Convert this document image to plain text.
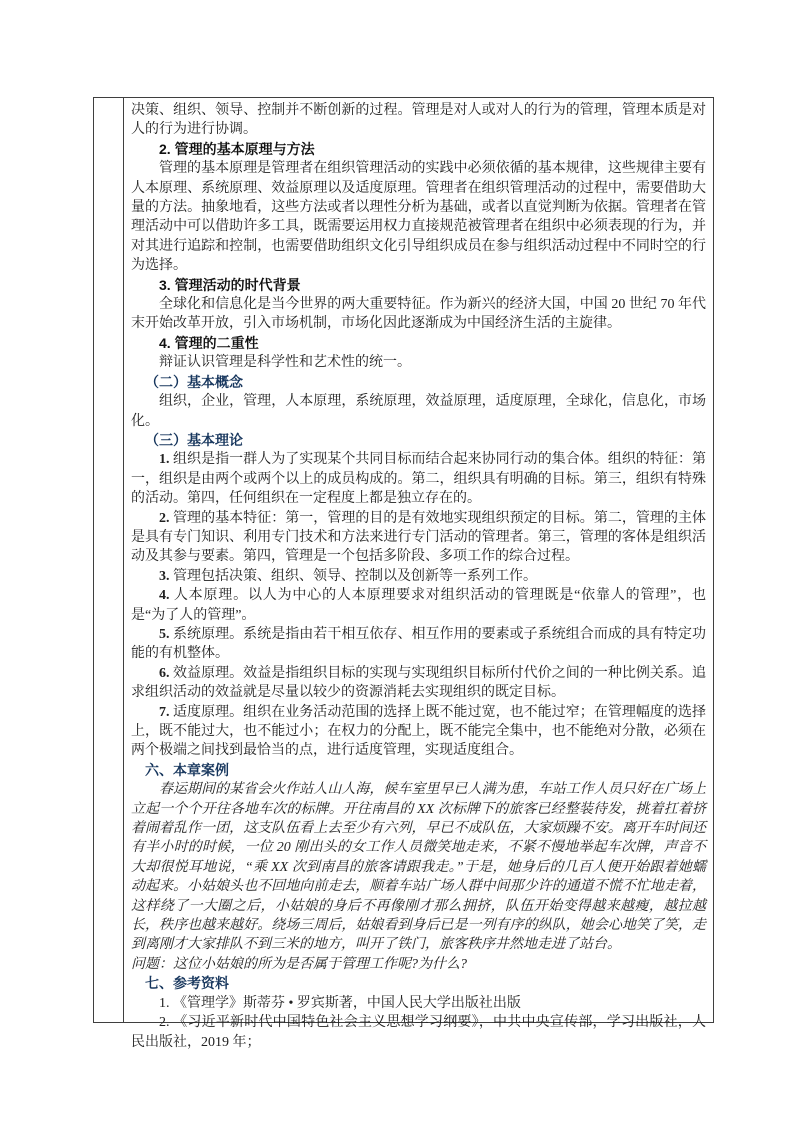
决策、组织、领导、控制并不断创新的过程。管理是对人或对人的行为的管理，管理本质是对人的行为进行协调。

2. 管理的基本原理与方法

管理的基本原理是管理者在组织管理活动的实践中必须依循的基本规律，这些规律主要有人本原理、系统原理、效益原理以及适度原理。管理者在组织管理活动的过程中，需要借助大量的方法。抽象地看，这些方法或者以理性分析为基础，或者以直觉判断为依据。管理者在管理活动中可以借助许多工具，既需要运用权力直接规范被管理者在组织中必须表现的行为，并对其进行追踪和控制，也需要借助组织文化引导组织成员在参与组织活动过程中不同时空的行为选择。

3. 管理活动的时代背景

全球化和信息化是当今世界的两大重要特征。作为新兴的经济大国，中国 20 世纪 70 年代末开始改革开放，引入市场机制，市场化因此逐渐成为中国经济生活的主旋律。

4. 管理的二重性

辩证认识管理是科学性和艺术性的统一。

（二）基本概念

组织，企业，管理，人本原理，系统原理，效益原理，适度原理，全球化，信息化，市场化。

（三）基本理论

1. 组织是指一群人为了实现某个共同目标而结合起来协同行动的集合体。组织的特征：第一，组织是由两个或两个以上的成员构成的。第二，组织具有明确的目标。第三，组织有特殊的活动。第四，任何组织在一定程度上都是独立存在的。

2. 管理的基本特征：第一，管理的目的是有效地实现组织预定的目标。第二，管理的主体是具有专门知识、利用专门技术和方法来进行专门活动的管理者。第三，管理的客体是组织活动及其参与要素。第四，管理是一个包括多阶段、多项工作的综合过程。

3. 管理包括决策、组织、领导、控制以及创新等一系列工作。

4. 人本原理。以人为中心的人本原理要求对组织活动的管理既是“依靠人的管理”，也是“为了人的管理”。

5. 系统原理。系统是指由若干相互依存、相互作用的要素或子系统组合而成的具有特定功能的有机整体。

6. 效益原理。效益是指组织目标的实现与实现组织目标所付代价之间的一种比例关系。追求组织活动的效益就是尽量以较少的资源消耗去实现组织的既定目标。

7. 适度原理。组织在业务活动范围的选择上既不能过宽，也不能过窄；在管理幅度的选择上，既不能过大，也不能过小；在权力的分配上，既不能完全集中，也不能绝对分散，必须在两个极端之间找到最恰当的点，进行适度管理，实现适度组合。

六、本章案例

春运期间的某省会火作站人山人海，候车室里早已人满为患，车站工作人员只好在广场上立起一个个开往各地车次的标牌。开往南昌的 XX 次标牌下的旅客已经整装待发，挑着扛着挤着闹着乱作一团，这支队伍看上去至少有六列，早已不成队伍，大家烦躁不安。离开车时间还有半小时的时候，一位 20 刚出头的女工作人员微笑地走来，不紧不慢地举起车次牌，声音不大却很悦耳地说，“乘 XX 次到南昌的旅客请跟我走。”于是，她身后的几百人便开始跟着她蠕动起来。小姑娘头也不回地向前走去，顺着车站广场人群中间那少许的通道不慌不忙地走着，这样绕了一大圈之后，小姑娘的身后不再像刚才那么拥挤，队伍开始变得越来越瘦，越拉越长，秩序也越来越好。绕场三周后，姑娘看到身后已是一列有序的纵队，她会心地笑了笑，走到离刚才大家排队不到三米的地方，叫开了铁门，旅客秩序井然地走进了站台。

问题：这位小姑娘的所为是否属于管理工作呢?为什么?

七、参考资料

1. 《管理学》斯蒂芬 • 罗宾斯著，中国人民大学出版社出版

2. 《习近平新时代中国特色社会主义思想学习纲要》，中共中央宣传部，学习出版社，人民出版社，2019 年；
